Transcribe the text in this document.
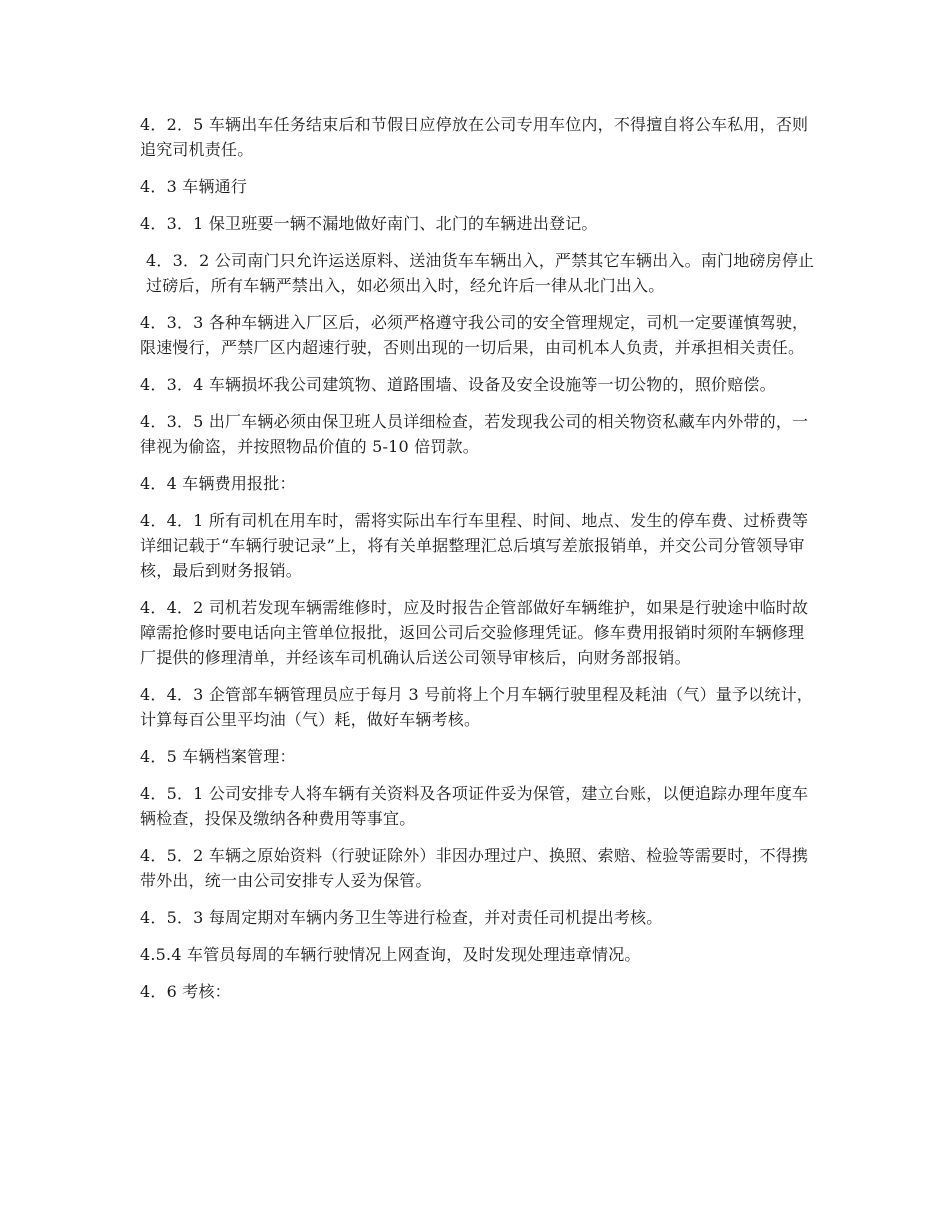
4．2．5 车辆出车任务结束后和节假日应停放在公司专用车位内，不得擅自将公车私用，否则追究司机责任。

4．3 车辆通行

4．3．1 保卫班要一辆不漏地做好南门、北门的车辆进出登记。

4．3．2 公司南门只允许运送原料、送油货车车辆出入，严禁其它车辆出入。南门地磅房停止过磅后，所有车辆严禁出入，如必须出入时，经允许后一律从北门出入。

4．3．3 各种车辆进入厂区后，必须严格遵守我公司的安全管理规定，司机一定要谨慎驾驶，限速慢行，严禁厂区内超速行驶，否则出现的一切后果，由司机本人负责，并承担相关责任。

4．3．4 车辆损坏我公司建筑物、道路围墙、设备及安全设施等一切公物的，照价赔偿。

4．3．5 出厂车辆必须由保卫班人员详细检查，若发现我公司的相关物资私藏车内外带的，一律视为偷盗，并按照物品价值的 5-10 倍罚款。

4．4 车辆费用报批：

4．4．1 所有司机在用车时，需将实际出车行车里程、时间、地点、发生的停车费、过桥费等详细记载于“车辆行驶记录”上，将有关单据整理汇总后填写差旅报销单，并交公司分管领导审核，最后到财务报销。

4．4．2 司机若发现车辆需维修时，应及时报告企管部做好车辆维护，如果是行驶途中临时故障需抢修时要电话向主管单位报批，返回公司后交验修理凭证。修车费用报销时须附车辆修理厂提供的修理清单，并经该车司机确认后送公司领导审核后，向财务部报销。

4．4．3 企管部车辆管理员应于每月 3 号前将上个月车辆行驶里程及耗油（气）量予以统计，计算每百公里平均油（气）耗，做好车辆考核。

4．5 车辆档案管理：

4．5．1 公司安排专人将车辆有关资料及各项证件妥为保管，建立台账，以便追踪办理年度车辆检查，投保及缴纳各种费用等事宜。

4．5．2 车辆之原始资料（行驶证除外）非因办理过户、换照、索赔、检验等需要时，不得携带外出，统一由公司安排专人妥为保管。

4．5．3 每周定期对车辆内务卫生等进行检查，并对责任司机提出考核。

4.5.4 车管员每周的车辆行驶情况上网查询，及时发现处理违章情况。

4．6 考核：
